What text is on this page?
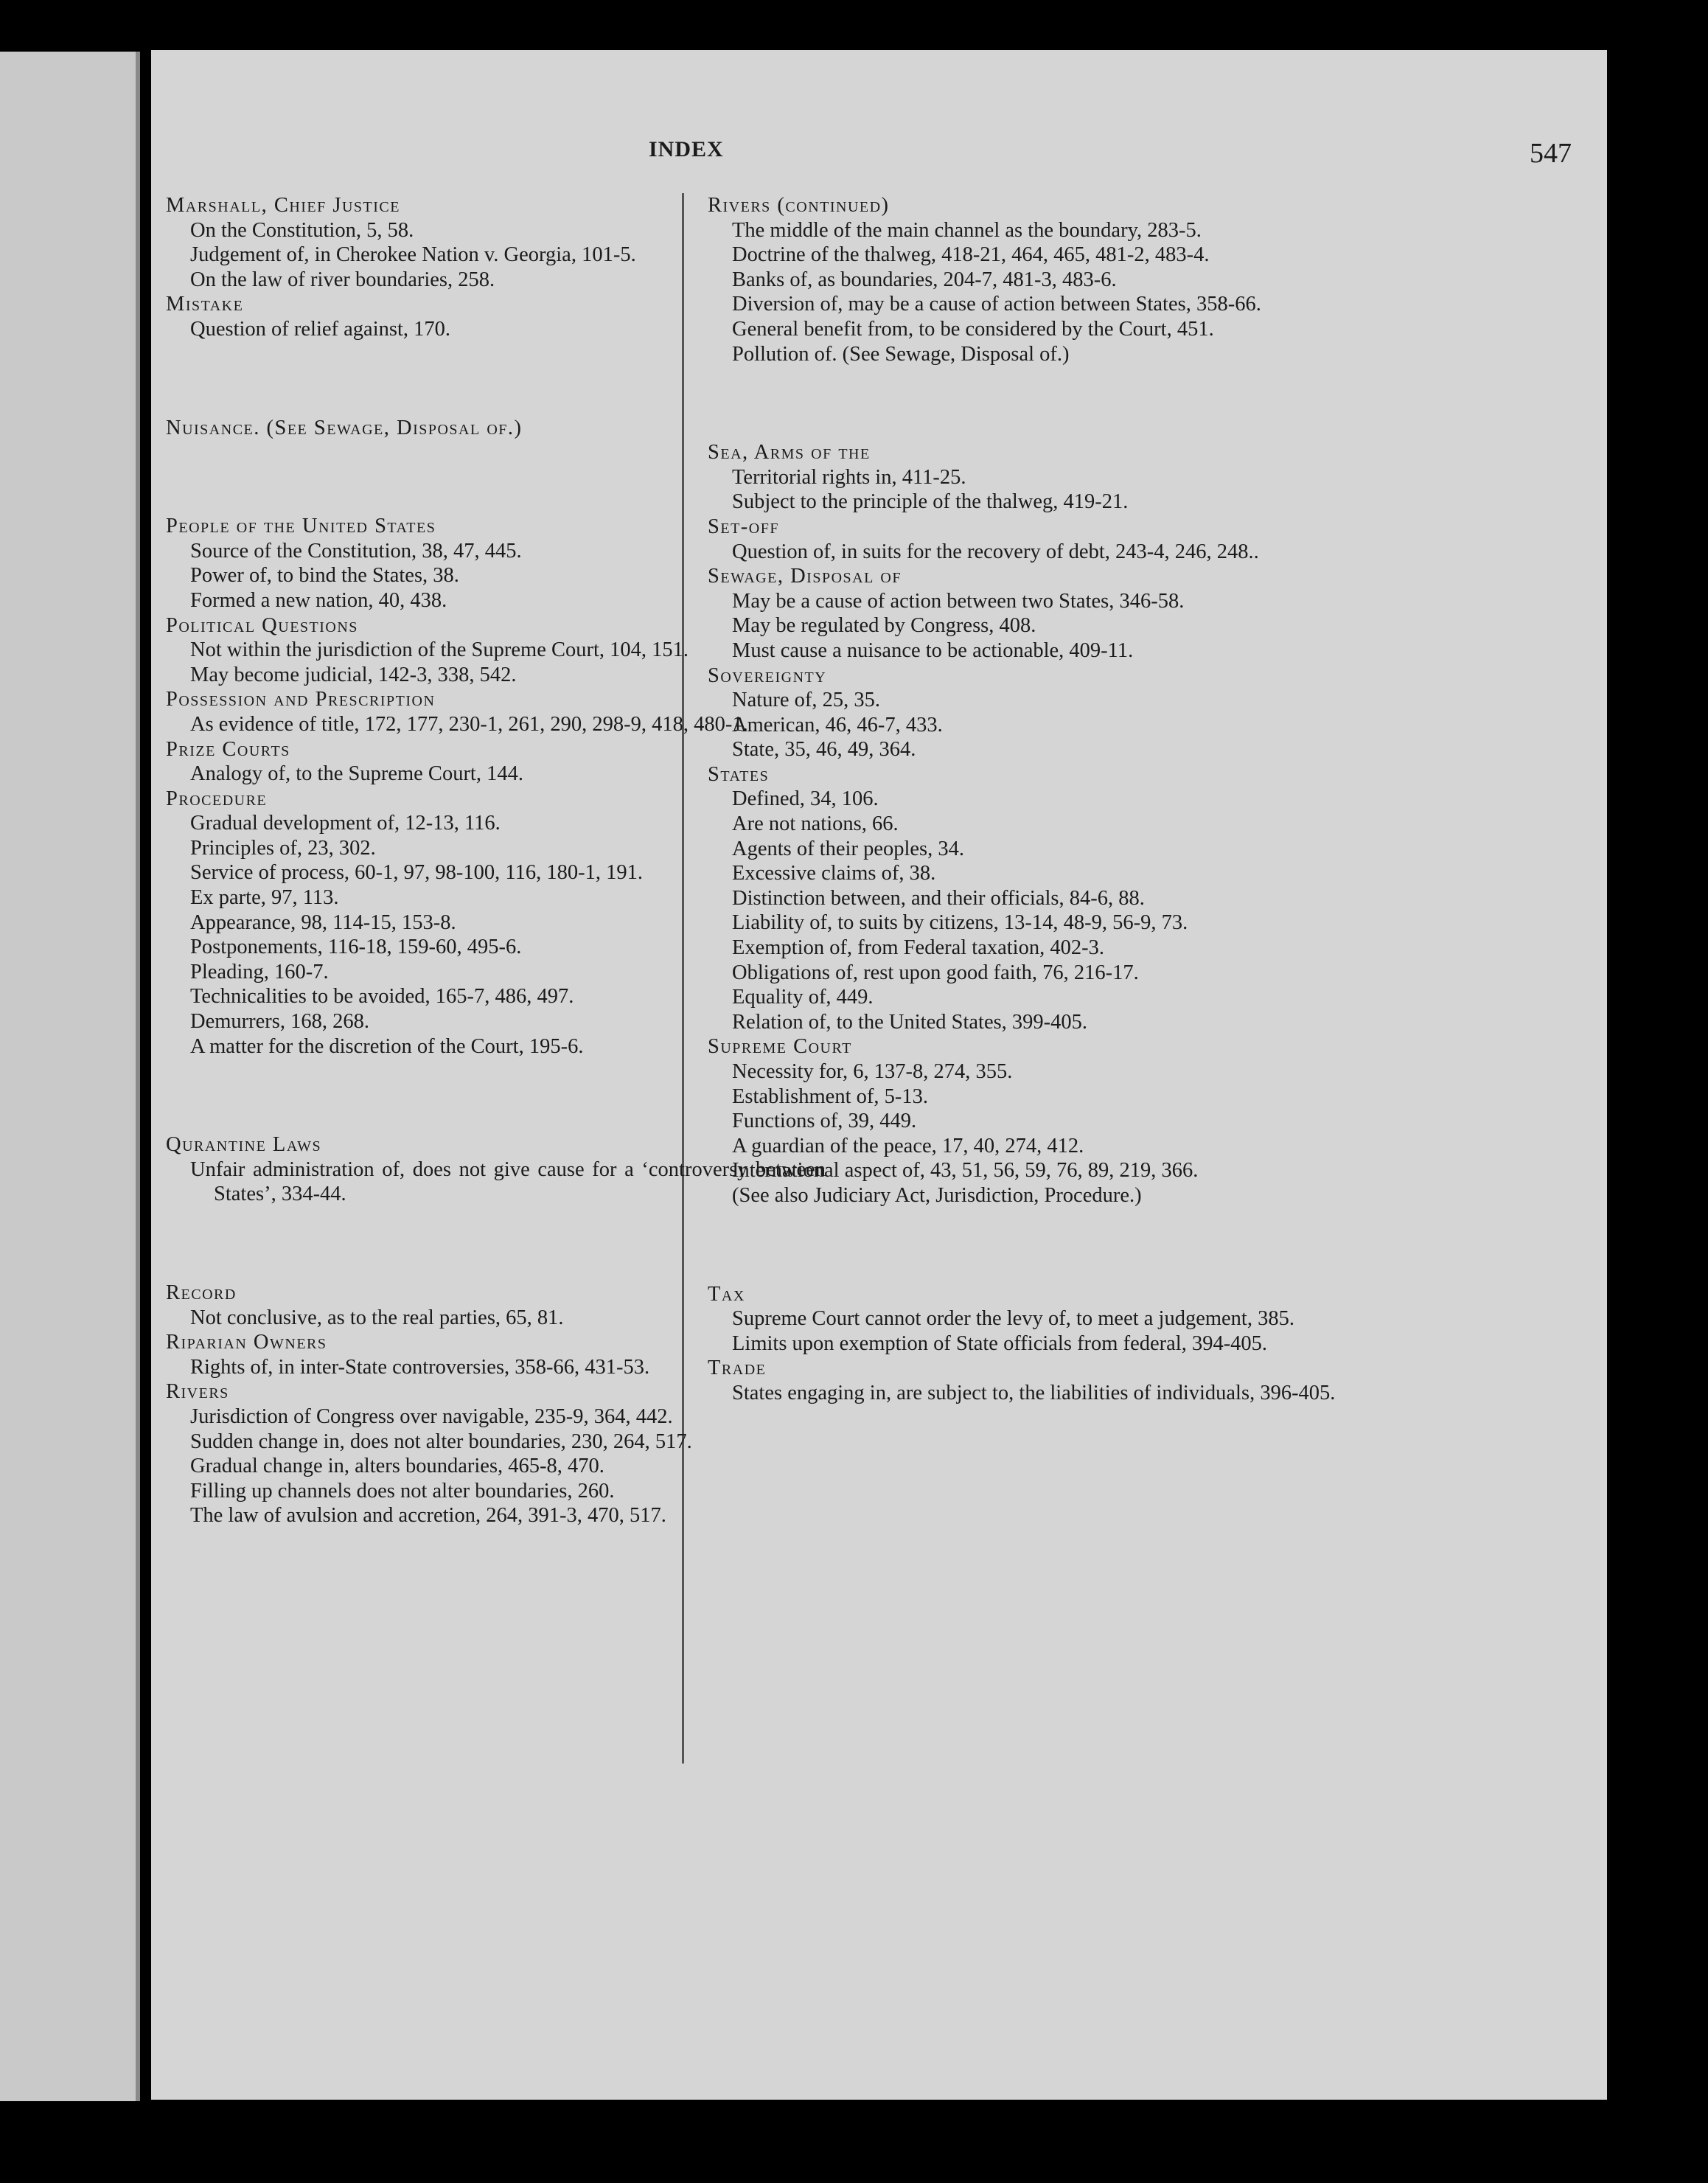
INDEX	547
Marshall, Chief Justice
On the Constitution, 5, 58.
Judgement of, in Cherokee Nation v. Georgia, 101-5.
On the law of river boundaries, 258.
Mistake
Question of relief against, 170.
Nuisance. (See Sewage, Disposal of.)
People of the United States
Source of the Constitution, 38, 47, 445.
Power of, to bind the States, 38.
Formed a new nation, 40, 438.
Political Questions
Not within the jurisdiction of the Supreme Court, 104, 151.
May become judicial, 142-3, 338, 542.
Possession and Prescription
As evidence of title, 172, 177, 230-1, 261, 290, 298-9, 418, 480-1.
Prize Courts
Analogy of, to the Supreme Court, 144.
Procedure
Gradual development of, 12-13, 116.
Principles of, 23, 302.
Service of process, 60-1, 97, 98-100, 116, 180-1, 191.
Ex parte, 97, 113.
Appearance, 98, 114-15, 153-8.
Postponements, 116-18, 159-60, 495-6.
Pleading, 160-7.
Technicalities to be avoided, 165-7, 486, 497.
Demurrers, 168, 268.
A matter for the discretion of the Court, 195-6.
Qurantine Laws
Unfair administration of, does not give cause for a ‘controversy between States’, 334-44.
Record
Not conclusive, as to the real parties, 65, 81.
Riparian Owners
Rights of, in inter-State controversies, 358-66, 431-53.
Rivers
Jurisdiction of Congress over navigable, 235-9, 364, 442.
Sudden change in, does not alter boundaries, 230, 264, 517.
Gradual change in, alters boundaries, 465-8, 470.
Filling up channels does not alter boundaries, 260.
The law of avulsion and accretion, 264, 391-3, 470, 517.
Rivers (continued)
The middle of the main channel as the boundary, 283-5.
Doctrine of the thalweg, 418-21, 464, 465, 481-2, 483-4.
Banks of, as boundaries, 204-7, 481-3, 483-6.
Diversion of, may be a cause of action between States, 358-66.
General benefit from, to be considered by the Court, 451.
Pollution of. (See Sewage, Disposal of.)
Sea, Arms of the
Territorial rights in, 411-25.
Subject to the principle of the thalweg, 419-21.
Set-off
Question of, in suits for the recovery of debt, 243-4, 246, 248..
Sewage, Disposal of
May be a cause of action between two States, 346-58.
May be regulated by Congress, 408.
Must cause a nuisance to be actionable, 409-11.
Sovereignty
Nature of, 25, 35.
American, 46, 46-7, 433.
State, 35, 46, 49, 364.
States
Defined, 34, 106.
Are not nations, 66.
Agents of their peoples, 34.
Excessive claims of, 38.
Distinction between, and their officials, 84-6, 88.
Liability of, to suits by citizens, 13-14, 48-9, 56-9, 73.
Exemption of, from Federal taxation, 402-3.
Obligations of, rest upon good faith, 76, 216-17.
Equality of, 449.
Relation of, to the United States, 399-405.
Supreme Court
Necessity for, 6, 137-8, 274, 355.
Establishment of, 5-13.
Functions of, 39, 449.
A guardian of the peace, 17, 40, 274, 412.
International aspect of, 43, 51, 56, 59, 76, 89, 219, 366.
(See also Judiciary Act, Jurisdiction, Procedure.)
Tax
Supreme Court cannot order the levy of, to meet a judgement, 385.
Limits upon exemption of State officials from federal, 394-405.
Trade
States engaging in, are subject to, the liabilities of individuals, 396-405.
